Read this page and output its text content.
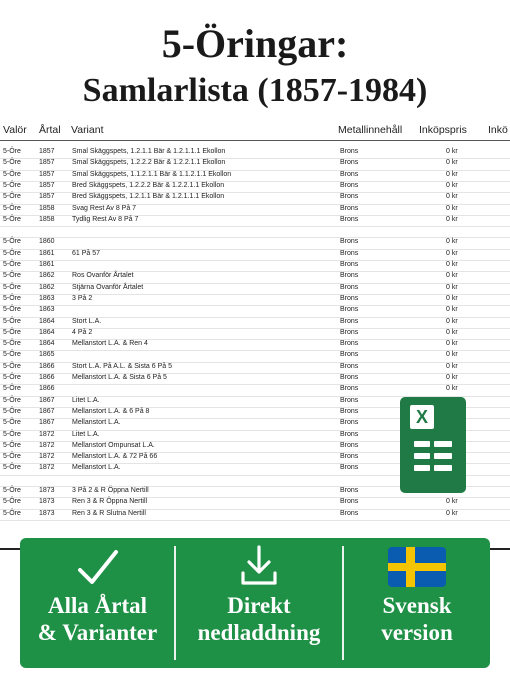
5-Öringar:
Samlarlista (1857-1984)
Valör Årtal Variant	Metallinnehåll Inköpspris Inkö
5-Öre	1857 Smal Skäggspets, 1.2.1.1 Bär & 1.2.1.1.1 Ekollon	Brons	0 kr
5-Öre	1857 Smal Skäggspets, 1.2.2.2 Bär & 1.2.2.1.1 Ekollon	Brons	0 kr
5-Öre	1857 Smal Skäggspets, 1.1.2.1.1 Bär & 1.1.2.1.1 Ekollon	Brons	0 kr
5-Öre	1857 Bred Skäggspets, 1.2.2.2 Bär & 1.2.2.1.1 Ekollon	Brons	0 kr
5-Öre	1857 Bred Skäggspets, 1.2.1.1 Bär & 1.2.1.1.1 Ekollon	Brons	0 kr
5-Öre	1858 Svag Rest Av 8 På 7	Brons	0 kr
5-Öre	1858 Tydlig Rest Av 8 På 7	Brons	0 kr
5-Öre	1860	Brons	0 kr
5-Öre	1861 61 På 57	Brons	0 kr
5-Öre	1861	Brons	0 kr
5-Öre	1862 Ros Ovanför Årtalet	Brons	0 kr
5-Öre	1862 Stjärna Ovanför Årtalet	Brons	0 kr
5-Öre	1863 3 På 2	Brons	0 kr
5-Öre	1863	Brons	0 kr
5-Öre	1864 Stort L.A.	Brons	0 kr
5-Öre	1864 4 På 2	Brons	0 kr
5-Öre	1864 Mellanstort L.A. & Ren 4	Brons	0 kr
5-Öre	1865	Brons	0 kr
5-Öre	1866 Stort L.A. På A.L. & Sista 6 På 5	Brons	0 kr
5-Öre	1866 Mellanstort L.A. & Sista 6 På 5	Brons	0 kr
5-Öre	1866	Brons	0 kr
5-Öre	1867 Litet L.A.	Brons
5-Öre	1867 Mellanstort L.A. & 6 På 8	Brons
5-Öre	1867 Mellanstort L.A.	Brons
5-Öre	1872 Litet L.A.	Brons
5-Öre	1872 Mellanstort Ompunsat L.A.	Brons
5-Öre	1872 Mellanstort L.A. & 72 På 66	Brons
5-Öre	1872 Mellanstort L.A.	Brons
5-Öre	1873 3 På 2 & R Öppna Nertill	Brons
5-Öre	1873 Ren 3 & R Öppna Nertill	Brons	0 kr
5-Öre	1873 Ren 3 & R Slutna Nertill	Brons	0 kr
X
Alla Årtal
& Varianter
Direkt
nedladdning
Svensk
version
